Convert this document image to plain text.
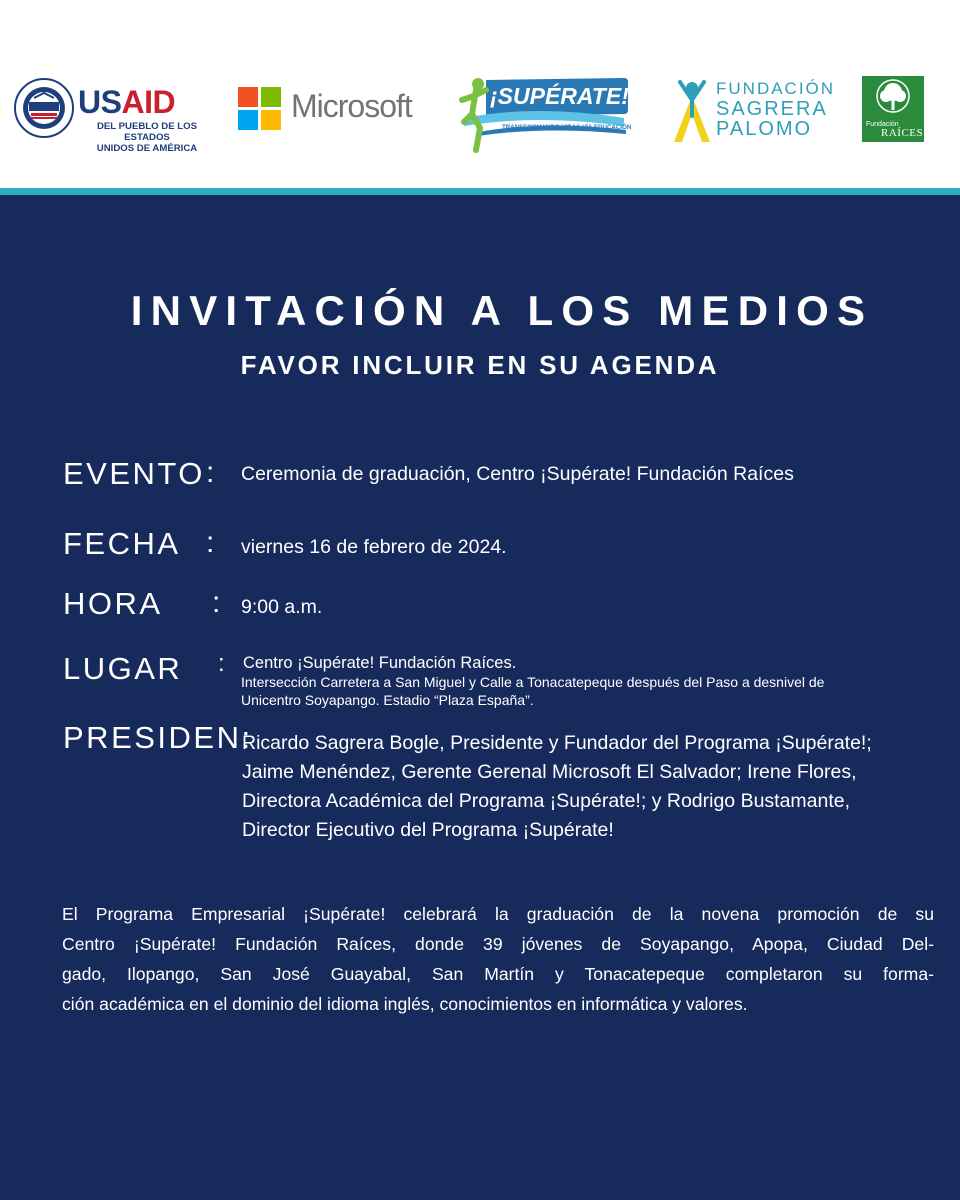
USAID
DEL PUEBLO DE LOS ESTADOS
UNIDOS DE AMÉRICA
Microsoft	¡SUPÉRATE!
TRANSFORMANDO VIDAS VÍA EDUCACIÓN
FUNDACIÓN
SAGRERA
PALOMO	Fundación
RAÍCES
INVITACIÓN A LOS MEDIOS
FAVOR INCLUIR EN SU AGENDA
EVENTO : Ceremonia de graduación, Centro ¡Supérate! Fundación Raíces
FECHA : viernes 16 de febrero de 2024.
HORA : 9:00 a.m.
LUGAR : Centro ¡Supérate! Fundación Raíces.
Intersección Carretera a San Miguel y Calle a Tonacatepeque después del Paso a desnivel de
Unicentro Soyapango. Estadio “Plaza España”.
PRESIDEN:
Ricardo Sagrera Bogle, Presidente y Fundador del Programa ¡Supérate!;
Jaime Menéndez, Gerente Gerenal Microsoft El Salvador; Irene Flores,
Directora Académica del Programa ¡Supérate!; y Rodrigo Bustamante,
Director Ejecutivo del Programa ¡Supérate!
El Programa Empresarial ¡Supérate! celebrará la graduación de la novena promoción de su
Centro ¡Supérate! Fundación Raíces, donde 39 jóvenes de Soyapango, Apopa, Ciudad Del-
gado, Ilopango, San José Guayabal, San Martín y Tonacatepeque completaron su forma-
ción académica en el dominio del idioma inglés, conocimientos en informática y valores.
